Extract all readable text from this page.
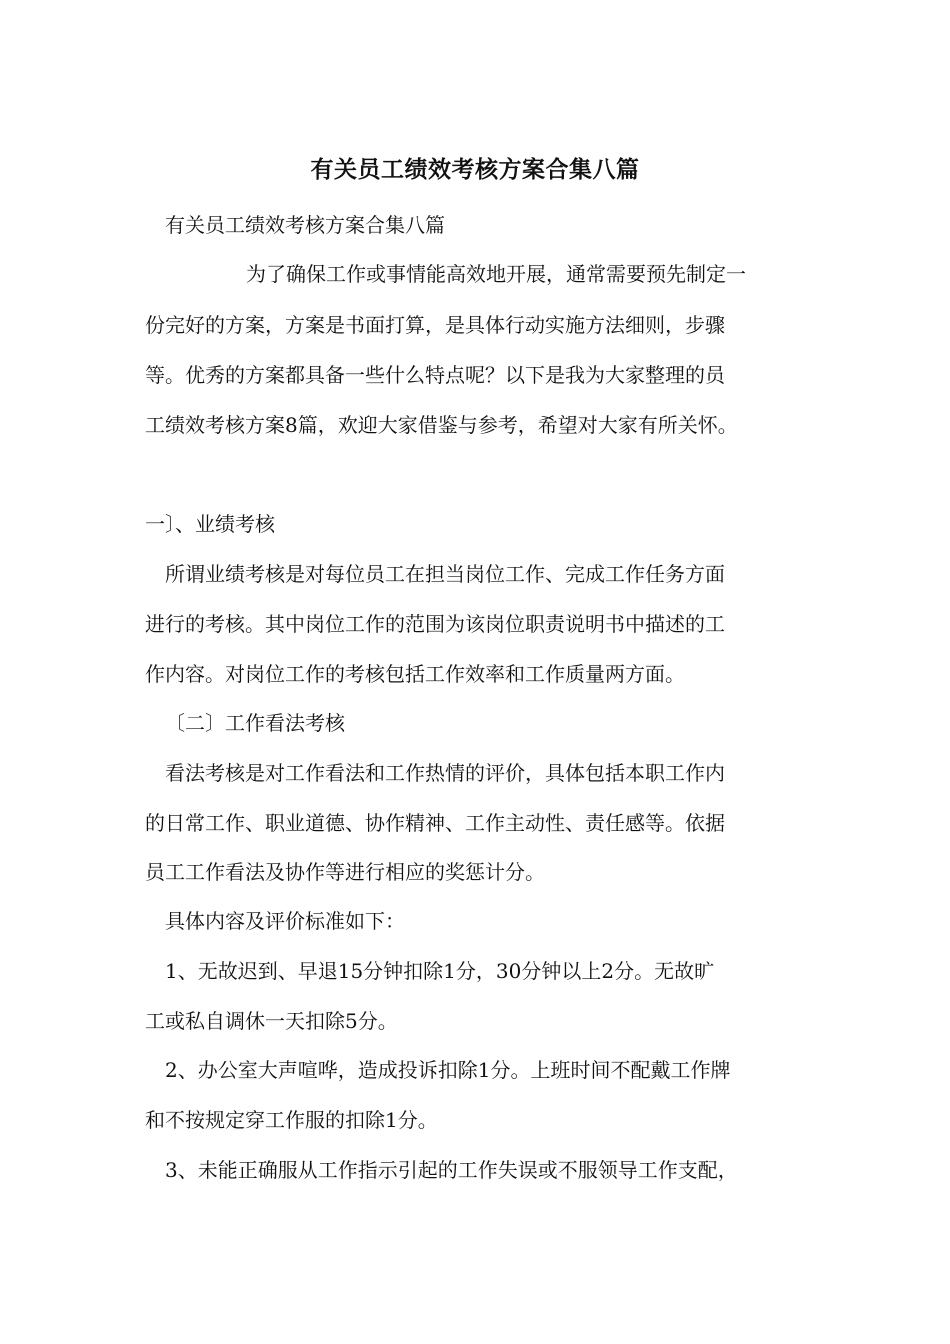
有关员工绩效考核方案合集八篇
有关员工绩效考核方案合集八篇
为了确保工作或事情能高效地开展，通常需要预先制定一
份完好的方案，方案是书面打算，是具体行动实施方法细则，步骤
等。优秀的方案都具备一些什么特点呢？以下是我为大家整理的员
工绩效考核方案8篇，欢迎大家借鉴与参考，希望对大家有所关怀。
一〕、业绩考核
所谓业绩考核是对每位员工在担当岗位工作、完成工作任务方面
进行的考核。其中岗位工作的范围为该岗位职责说明书中描述的工
作内容。对岗位工作的考核包括工作效率和工作质量两方面。
〔二〕工作看法考核
看法考核是对工作看法和工作热情的评价，具体包括本职工作内
的日常工作、职业道德、协作精神、工作主动性、责任感等。依据
员工工作看法及协作等进行相应的奖惩计分。
具体内容及评价标准如下：
1、无故迟到、早退15分钟扣除1分，30分钟以上2分。无故旷
工或私自调休一天扣除5分。
2、办公室大声喧哗，造成投诉扣除1分。上班时间不配戴工作牌
和不按规定穿工作服的扣除1分。
3、未能正确服从工作指示引起的工作失误或不服领导工作支配，
